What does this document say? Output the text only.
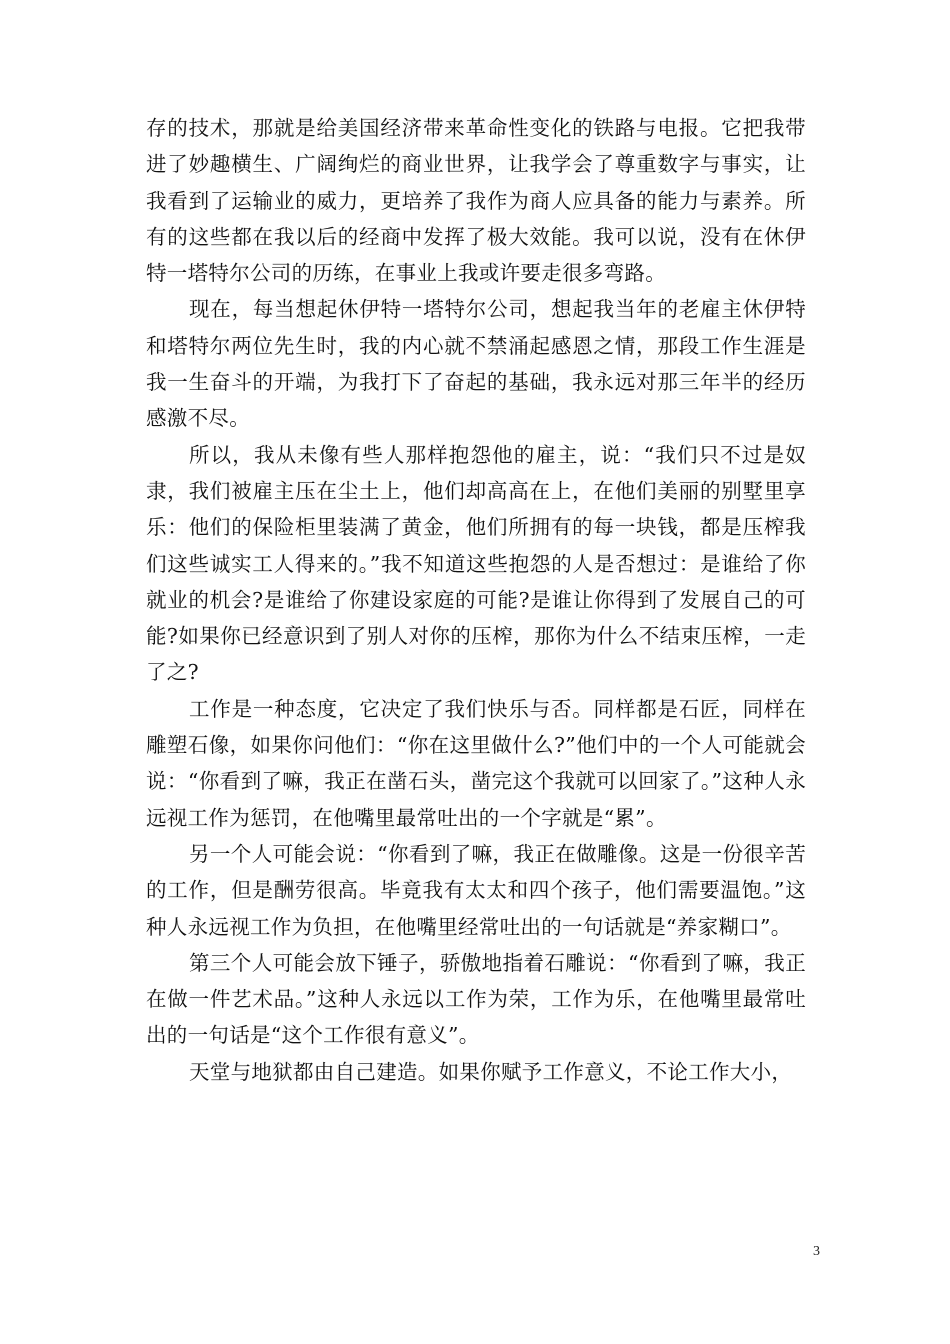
存的技术，那就是给美国经济带来革命性变化的铁路与电报。它把我带进了妙趣横生、广阔绚烂的商业世界，让我学会了尊重数字与事实，让我看到了运输业的威力，更培养了我作为商人应具备的能力与素养。所有的这些都在我以后的经商中发挥了极大效能。我可以说，没有在休伊特一塔特尔公司的历练，在事业上我或许要走很多弯路。

现在，每当想起休伊特一塔特尔公司，想起我当年的老雇主休伊特和塔特尔两位先生时，我的内心就不禁涌起感恩之情，那段工作生涯是我一生奋斗的开端，为我打下了奋起的基础，我永远对那三年半的经历感激不尽。

所以，我从未像有些人那样抱怨他的雇主，说：“我们只不过是奴隶，我们被雇主压在尘土上，他们却高高在上，在他们美丽的别墅里享乐：他们的保险柜里装满了黄金，他们所拥有的每一块钱，都是压榨我们这些诚实工人得来的。”我不知道这些抱怨的人是否想过：是谁给了你就业的机会?是谁给了你建设家庭的可能?是谁让你得到了发展自己的可能?如果你已经意识到了别人对你的压榨，那你为什么不结束压榨，一走了之?

工作是一种态度，它决定了我们快乐与否。同样都是石匠，同样在雕塑石像，如果你问他们：“你在这里做什么?”他们中的一个人可能就会说：“你看到了嘛，我正在凿石头，凿完这个我就可以回家了。”这种人永远视工作为惩罚，在他嘴里最常吐出的一个字就是“累”。

另一个人可能会说：“你看到了嘛，我正在做雕像。这是一份很辛苦的工作，但是酬劳很高。毕竟我有太太和四个孩子，他们需要温饱。”这种人永远视工作为负担，在他嘴里经常吐出的一句话就是“养家糊口”。

第三个人可能会放下锤子，骄傲地指着石雕说：“你看到了嘛，我正在做一件艺术品。”这种人永远以工作为荣，工作为乐，在他嘴里最常吐出的一句话是“这个工作很有意义”。

天堂与地狱都由自己建造。如果你赋予工作意义，不论工作大小，

3
